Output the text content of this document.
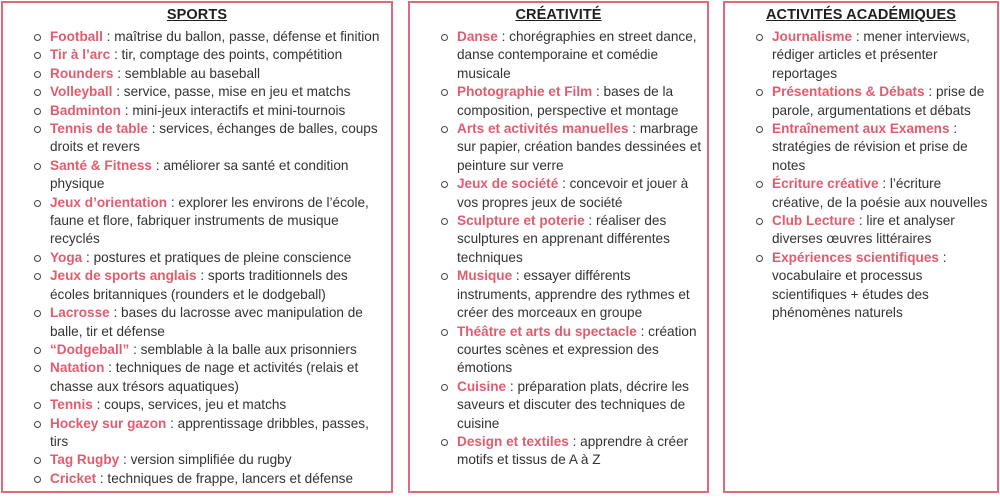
SPORTS
Football : maîtrise du ballon, passe, défense et finition
Tir à l’arc : tir, comptage des points, compétition
Rounders : semblable au baseball
Volleyball : service, passe, mise en jeu et matchs
Badminton : mini-jeux interactifs et mini-tournois
Tennis de table : services, échanges de balles, coups droits et revers
Santé & Fitness : améliorer sa santé et condition physique
Jeux d’orientation : explorer les environs de l’école, faune et flore, fabriquer instruments de musique recyclés
Yoga : postures et pratiques de pleine conscience
Jeux de sports anglais : sports traditionnels des écoles britanniques (rounders et le dodgeball)
Lacrosse : bases du lacrosse avec manipulation de balle, tir et défense
“Dodgeball” : semblable à la balle aux prisonniers
Natation : techniques de nage et activités (relais et chasse aux trésors aquatiques)
Tennis : coups, services, jeu et matchs
Hockey sur gazon : apprentissage dribbles, passes, tirs
Tag Rugby : version simplifiée du rugby
Cricket : techniques de frappe, lancers et défense
CRÉATIVITÉ
Danse : chorégraphies en street dance, danse contemporaine et comédie musicale
Photographie et Film : bases de la composition, perspective et montage
Arts et activités manuelles : marbrage sur papier, création bandes dessinées et peinture sur verre
Jeux de société : concevoir et jouer à vos propres jeux de société
Sculpture et poterie : réaliser des sculptures en apprenant différentes techniques
Musique : essayer différents instruments, apprendre des rythmes et créer des morceaux en groupe
Théâtre et arts du spectacle : création courtes scènes et expression des émotions
Cuisine : préparation plats, décrire les saveurs et discuter des techniques de cuisine
Design et textiles : apprendre à créer motifs et tissus de A à Z
ACTIVITÉS ACADÉMIQUES
Journalisme : mener interviews, rédiger articles et présenter reportages
Présentations & Débats : prise de parole, argumentations et débats
Entraînement aux Examens : stratégies de révision et prise de notes
Écriture créative : l’écriture créative, de la poésie aux nouvelles
Club Lecture : lire et analyser diverses œuvres littéraires
Expériences scientifiques : vocabulaire et processus scientifiques + études des phénomènes naturels
